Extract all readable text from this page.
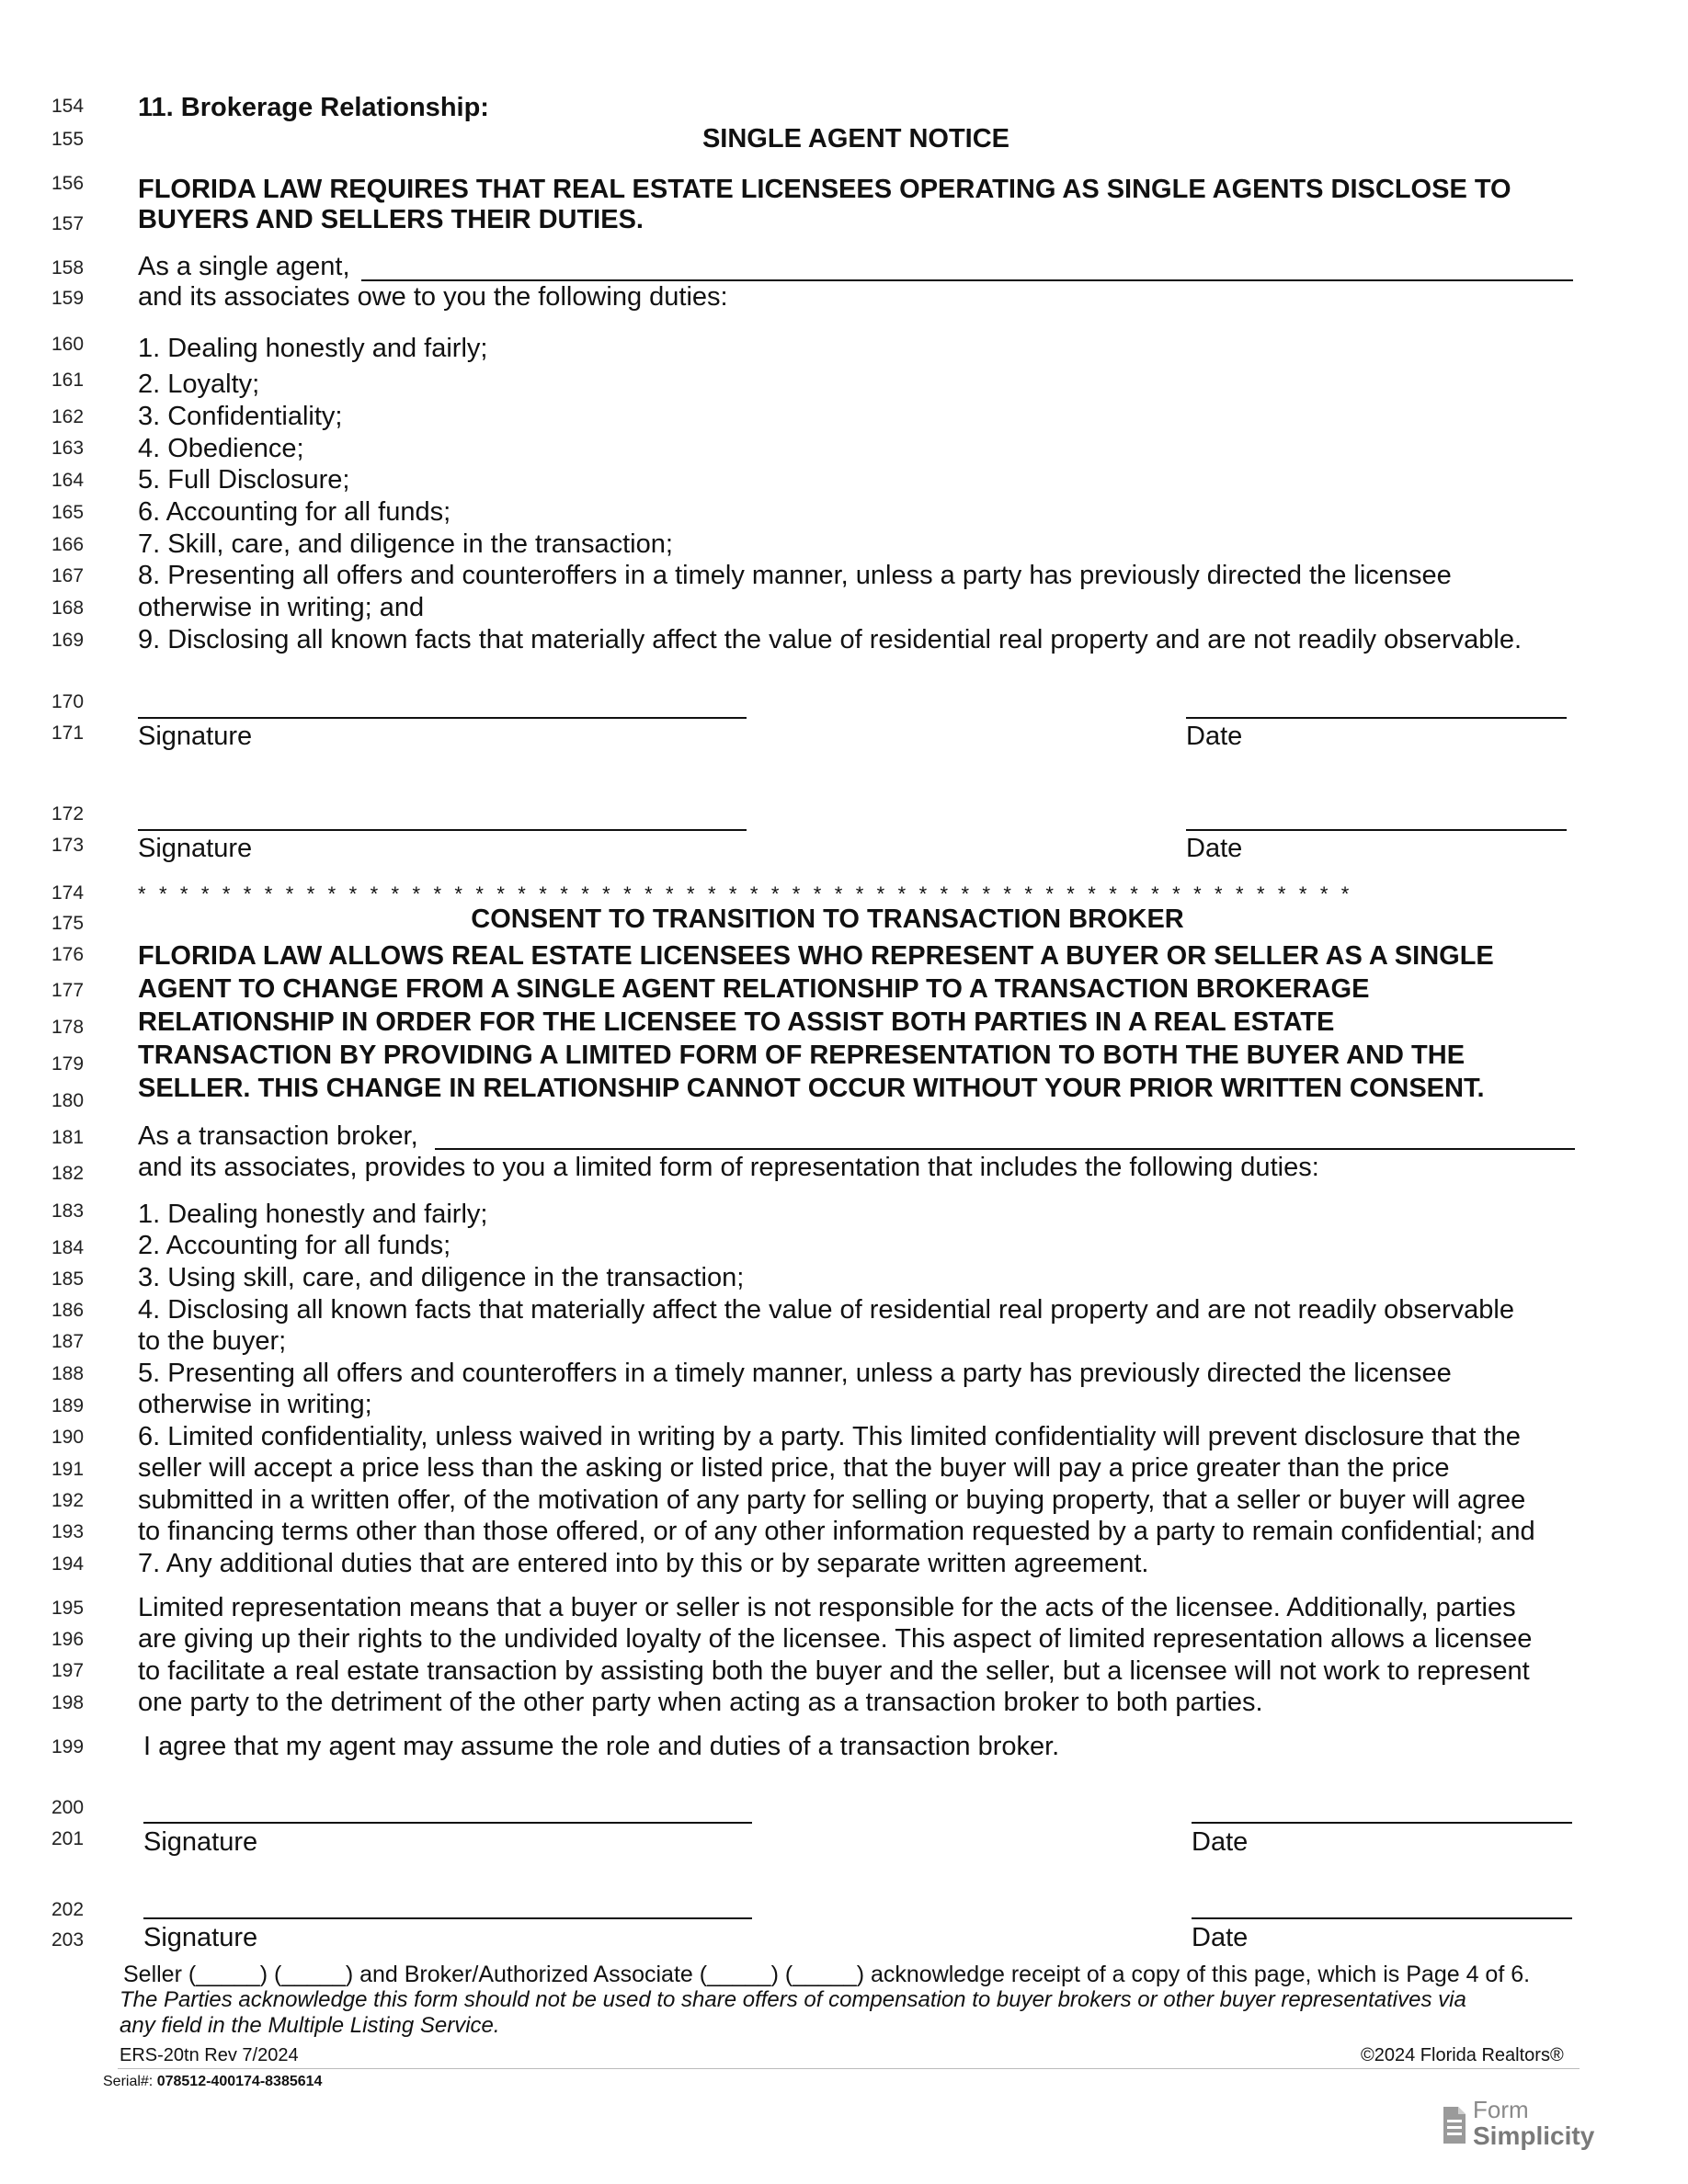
154
155
156
157
158
159
160
161
162
163
164
165
166
167
168
169
170
171
172
173
174
175
176
177
178
179
180
181
182
183
184
185
186
187
188
189
190
191
192
193
194
195
196
197
198
199
200
201
202
203
11. Brokerage Relationship:
SINGLE AGENT NOTICE
FLORIDA LAW REQUIRES THAT REAL ESTATE LICENSEES OPERATING AS SINGLE AGENTS DISCLOSE TO
BUYERS AND SELLERS THEIR DUTIES.
As a single agent,
and its associates owe to you the following duties:
1. Dealing honestly and fairly;
2. Loyalty;
3. Confidentiality;
4. Obedience;
5. Full Disclosure;
6. Accounting for all funds;
7. Skill, care, and diligence in the transaction;
8. Presenting all offers and counteroffers in a timely manner, unless a party has previously directed the licensee
otherwise in writing; and
9. Disclosing all known facts that materially affect the value of residential real property and are not readily observable.
Signature	Date
Signature	Date
**********************************************************
CONSENT TO TRANSITION TO TRANSACTION BROKER
FLORIDA LAW ALLOWS REAL ESTATE LICENSEES WHO REPRESENT A BUYER OR SELLER AS A SINGLE
AGENT TO CHANGE FROM A SINGLE AGENT RELATIONSHIP TO A TRANSACTION BROKERAGE
RELATIONSHIP IN ORDER FOR THE LICENSEE TO ASSIST BOTH PARTIES IN A REAL ESTATE
TRANSACTION BY PROVIDING A LIMITED FORM OF REPRESENTATION TO BOTH THE BUYER AND THE
SELLER. THIS CHANGE IN RELATIONSHIP CANNOT OCCUR WITHOUT YOUR PRIOR WRITTEN CONSENT.
As a transaction broker,
and its associates, provides to you a limited form of representation that includes the following duties:
1. Dealing honestly and fairly;
2. Accounting for all funds;
3. Using skill, care, and diligence in the transaction;
4. Disclosing all known facts that materially affect the value of residential real property and are not readily observable
to the buyer;
5. Presenting all offers and counteroffers in a timely manner, unless a party has previously directed the licensee
otherwise in writing;
6. Limited confidentiality, unless waived in writing by a party. This limited confidentiality will prevent disclosure that the
seller will accept a price less than the asking or listed price, that the buyer will pay a price greater than the price
submitted in a written offer, of the motivation of any party for selling or buying property, that a seller or buyer will agree
to financing terms other than those offered, or of any other information requested by a party to remain confidential; and
7. Any additional duties that are entered into by this or by separate written agreement.
Limited representation means that a buyer or seller is not responsible for the acts of the licensee. Additionally, parties
are giving up their rights to the undivided loyalty of the licensee. This aspect of limited representation allows a licensee
to facilitate a real estate transaction by assisting both the buyer and the seller, but a licensee will not work to represent
one party to the detriment of the other party when acting as a transaction broker to both parties.
I agree that my agent may assume the role and duties of a transaction broker.
Signature	Date
Signature	Date
Seller (_____) (_____) and Broker/Authorized Associate (_____) (_____) acknowledge receipt of a copy of this page, which is Page 4 of 6.
The Parties acknowledge this form should not be used to share offers of compensation to buyer brokers or other buyer representatives via
any field in the Multiple Listing Service.
ERS-20tn Rev 7/2024	©2024 Florida Realtors®
Serial#: 078512-400174-8385614
Form
Simplicity
